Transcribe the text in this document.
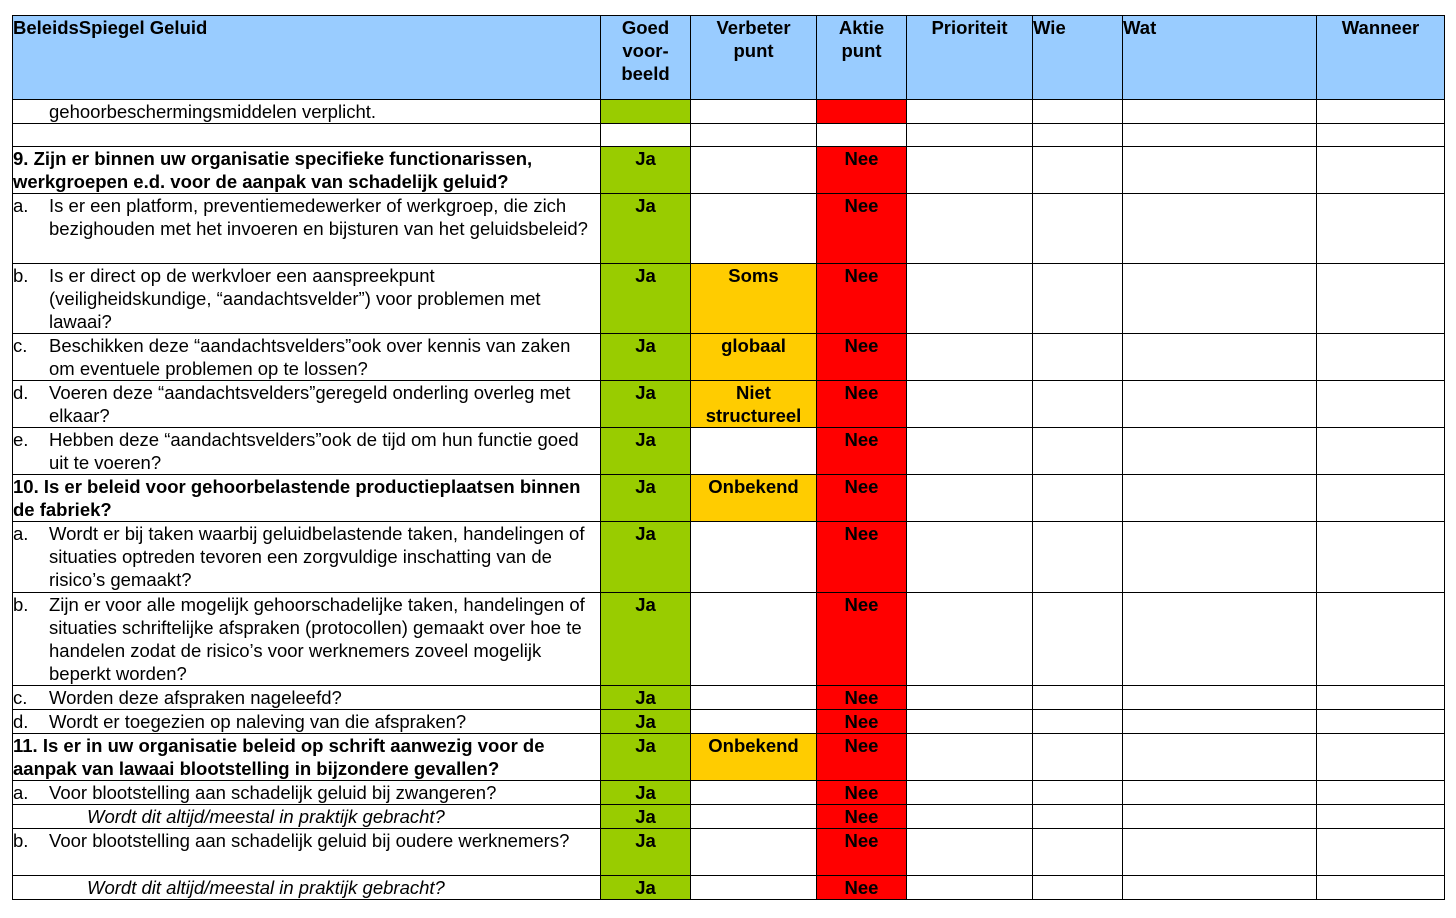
BeleidsSpiegel Geluid	Goed
voor-
beeld	Verbeter
punt	Aktie
punt	Prioriteit	Wie	Wat	Wanneer

gehoorbeschermingsmiddelen verplicht.							

9. Zijn er binnen uw organisatie specifieke functionarissen, werkgroepen e.d. voor de aanpak van schadelijk geluid?	Ja		Nee				

a. Is er een platform, preventiemedewerker of werkgroep, die zich bezighouden met het invoeren en bijsturen van het geluidsbeleid?	Ja		Nee				

b. Is er direct op de werkvloer een aanspreekpunt (veiligheidskundige, “aandachtsvelder”) voor problemen met lawaai?	Ja	Soms	Nee				

c. Beschikken deze “aandachtsvelders”ook over kennis van zaken om eventuele problemen op te lossen?	Ja	globaal	Nee				

d. Voeren deze “aandachtsvelders”geregeld onderling overleg met elkaar?	Ja	Niet structureel	Nee				

e. Hebben deze “aandachtsvelders”ook de tijd om hun functie goed uit te voeren?	Ja		Nee				

10. Is er beleid voor gehoorbelastende productieplaatsen binnen de fabriek?	Ja	Onbekend	Nee				

a. Wordt er bij taken waarbij geluidbelastende taken, handelingen of situaties optreden tevoren een zorgvuldige inschatting van de risico’s gemaakt?	Ja		Nee				

b. Zijn er voor alle mogelijk gehoorschadelijke taken, handelingen of situaties schriftelijke afspraken (protocollen) gemaakt over hoe te handelen zodat de risico’s voor werknemers zoveel mogelijk beperkt worden?	Ja		Nee				

c. Worden deze afspraken nageleefd?	Ja		Nee				

d. Wordt er toegezien op naleving van die afspraken?	Ja		Nee				

11. Is er in uw organisatie beleid op schrift aanwezig voor de aanpak van lawaai blootstelling in bijzondere gevallen?	Ja	Onbekend	Nee				

a. Voor blootstelling aan schadelijk geluid bij zwangeren?	Ja		Nee				

Wordt dit altijd/meestal in praktijk gebracht?	Ja		Nee				

b. Voor blootstelling aan schadelijk geluid bij oudere werknemers?	Ja		Nee				

Wordt dit altijd/meestal in praktijk gebracht?	Ja		Nee				
